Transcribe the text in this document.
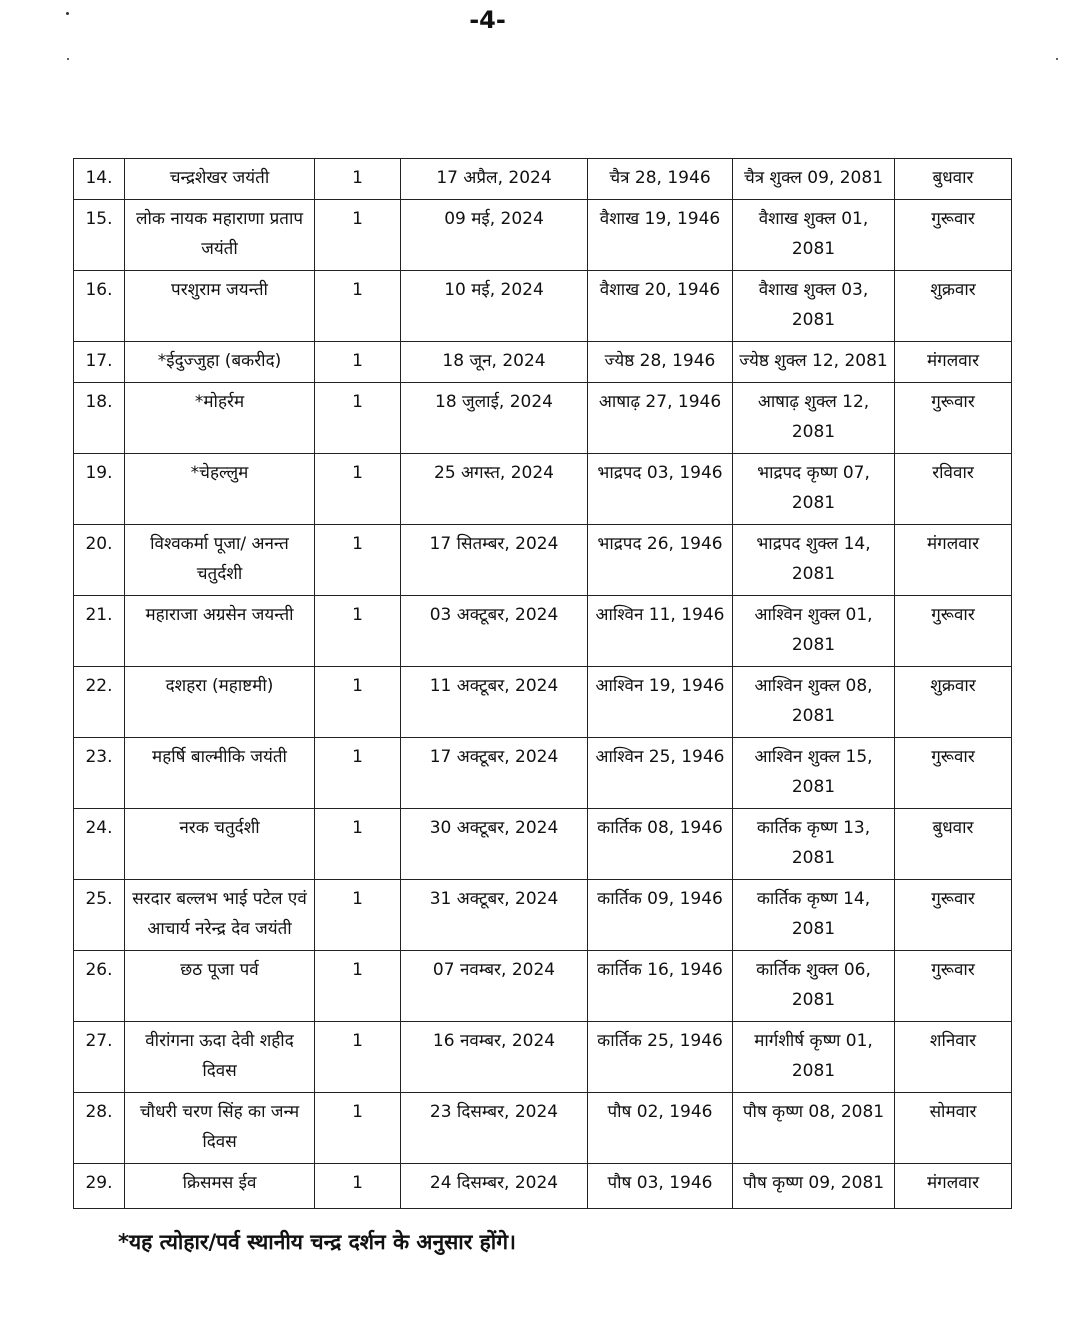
-4-
14.	चन्द्रशेखर जयंती	1	17 अप्रैल, 2024	चैत्र 28, 1946	चैत्र शुक्ल 09, 2081	बुधवार
15.	लोक नायक महाराणा प्रताप जयंती	1	09 मई, 2024	वैशाख 19, 1946	वैशाख शुक्ल 01, 2081	गुरूवार
16.	परशुराम जयन्ती	1	10 मई, 2024	वैशाख 20, 1946	वैशाख शुक्ल 03, 2081	शुक्रवार
17.	*ईदुज्जुहा (बकरीद)	1	18 जून, 2024	ज्येष्ठ 28, 1946	ज्येष्ठ शुक्ल 12, 2081	मंगलवार
18.	*मोहर्रम	1	18 जुलाई, 2024	आषाढ़ 27, 1946	आषाढ़ शुक्ल 12, 2081	गुरूवार
19.	*चेहल्लुम	1	25 अगस्त, 2024	भाद्रपद 03, 1946	भाद्रपद कृष्ण 07, 2081	रविवार
20.	विश्वकर्मा पूजा/ अनन्त चतुर्दशी	1	17 सितम्बर, 2024	भाद्रपद 26, 1946	भाद्रपद शुक्ल 14, 2081	मंगलवार
21.	महाराजा अग्रसेन जयन्ती	1	03 अक्टूबर, 2024	आश्विन 11, 1946	आश्विन शुक्ल 01, 2081	गुरूवार
22.	दशहरा (महाष्टमी)	1	11 अक्टूबर, 2024	आश्विन 19, 1946	आश्विन शुक्ल 08, 2081	शुक्रवार
23.	महर्षि बाल्मीकि जयंती	1	17 अक्टूबर, 2024	आश्विन 25, 1946	आश्विन शुक्ल 15, 2081	गुरूवार
24.	नरक चतुर्दशी	1	30 अक्टूबर, 2024	कार्तिक 08, 1946	कार्तिक कृष्ण 13, 2081	बुधवार
25.	सरदार बल्लभ भाई पटेल एवं आचार्य नरेन्द्र देव जयंती	1	31 अक्टूबर, 2024	कार्तिक 09, 1946	कार्तिक कृष्ण 14, 2081	गुरूवार
26.	छठ पूजा पर्व	1	07 नवम्बर, 2024	कार्तिक 16, 1946	कार्तिक शुक्ल 06, 2081	गुरूवार
27.	वीरांगना ऊदा देवी शहीद दिवस	1	16 नवम्बर, 2024	कार्तिक 25, 1946	मार्गशीर्ष कृष्ण 01, 2081	शनिवार
28.	चौधरी चरण सिंह का जन्म दिवस	1	23 दिसम्बर, 2024	पौष 02, 1946	पौष कृष्ण 08, 2081	सोमवार
29.	क्रिसमस ईव	1	24 दिसम्बर, 2024	पौष 03, 1946	पौष कृष्ण 09, 2081	मंगलवार
*यह त्योहार/पर्व स्थानीय चन्द्र दर्शन के अनुसार होंगे।
